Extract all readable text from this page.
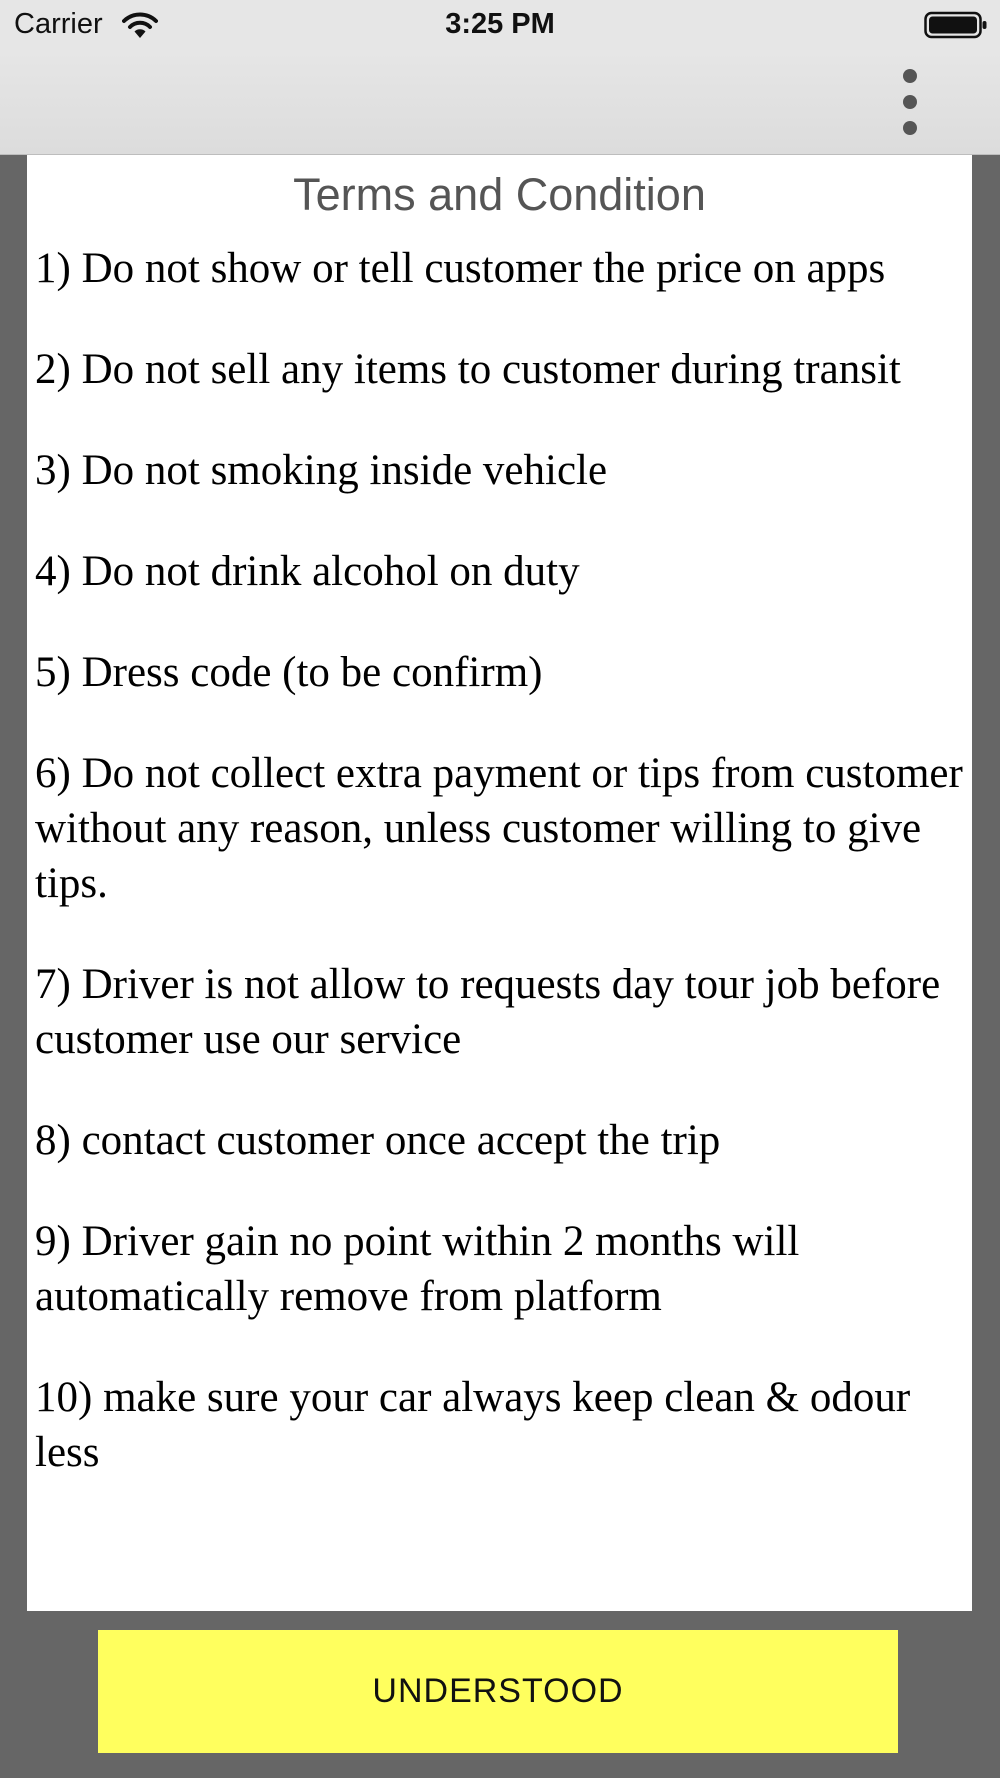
Carrier	3:25 PM
Terms and Condition
1) Do not show or tell customer the price on apps
2) Do not sell any items to customer during transit
3) Do not smoking inside vehicle
4) Do not drink alcohol on duty
5) Dress code (to be confirm)
6) Do not collect extra payment or tips from customer without any reason, unless customer willing to give tips.
7) Driver is not allow to requests day tour job before customer use our service
8) contact customer once accept the trip
9) Driver gain no point within 2 months will automatically remove from platform
10) make sure your car always keep clean & odour less
UNDERSTOOD
